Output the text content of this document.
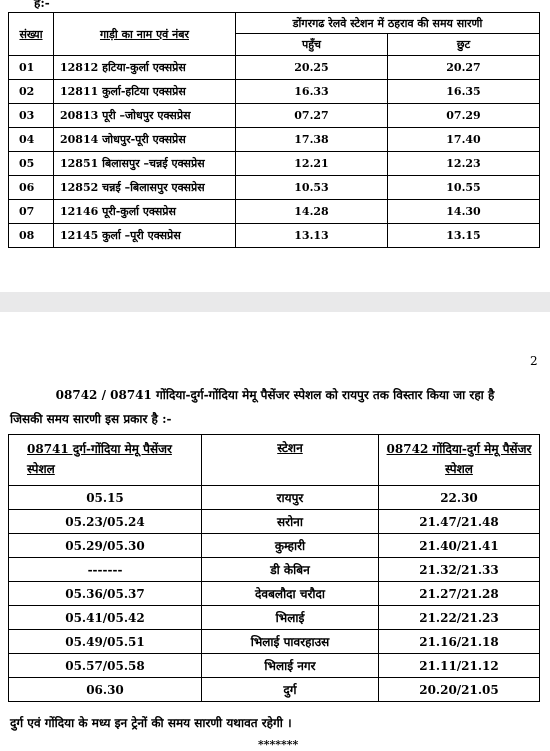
ह:-
संख्या	गाड़ी का नाम एवं नंबर	डोंगरगढ रेलवे स्टेशन में ठहराव की समय सारणी	
		पहुँच	छुट
01	12812 हटिया-कुर्ला एक्सप्रेस	20.25	20.27
02	12811 कुर्ला-हटिया एक्सप्रेस	16.33	16.35
03	20813 पूरी –जोधपुर एक्सप्रेस	07.27	07.29
04	20814 जोधपुर-पूरी एक्सप्रेस	17.38	17.40
05	12851 बिलासपुर –चन्नई एक्सप्रेस	12.21	12.23
06	12852 चन्नई –बिलासपुर एक्सप्रेस	10.53	10.55
07	12146 पूरी-कुर्ला एक्सप्रेस	14.28	14.30
08	12145 कुर्ला –पूरी एक्सप्रेस	13.13	13.15
2
08742 / 08741 गोंदिया-दुर्ग-गोंदिया मेमू पैसेंजर स्पेशल को रायपुर तक विस्तार किया जा रहा है
जिसकी समय सारणी इस प्रकार है :-
08741 दुर्ग-गोंदिया मेमू पैसेंजर
स्पेशल	स्टेशन	08742 गोंदिया-दुर्ग मेमू पैसेंजर
स्पेशल
05.15	रायपुर	22.30
05.23/05.24	सरोना	21.47/21.48
05.29/05.30	कुम्हारी	21.40/21.41
-------	डी केबिन	21.32/21.33
05.36/05.37	देवबलौदा चरौदा	21.27/21.28
05.41/05.42	भिलाई	21.22/21.23
05.49/05.51	भिलाई पावरहाउस	21.16/21.18
05.57/05.58	भिलाई नगर	21.11/21.12
06.30	दुर्ग	20.20/21.05
दुर्ग एवं गोंदिया के मध्य इन ट्रेनों की समय सारणी यथावत रहेगी ।
*******
